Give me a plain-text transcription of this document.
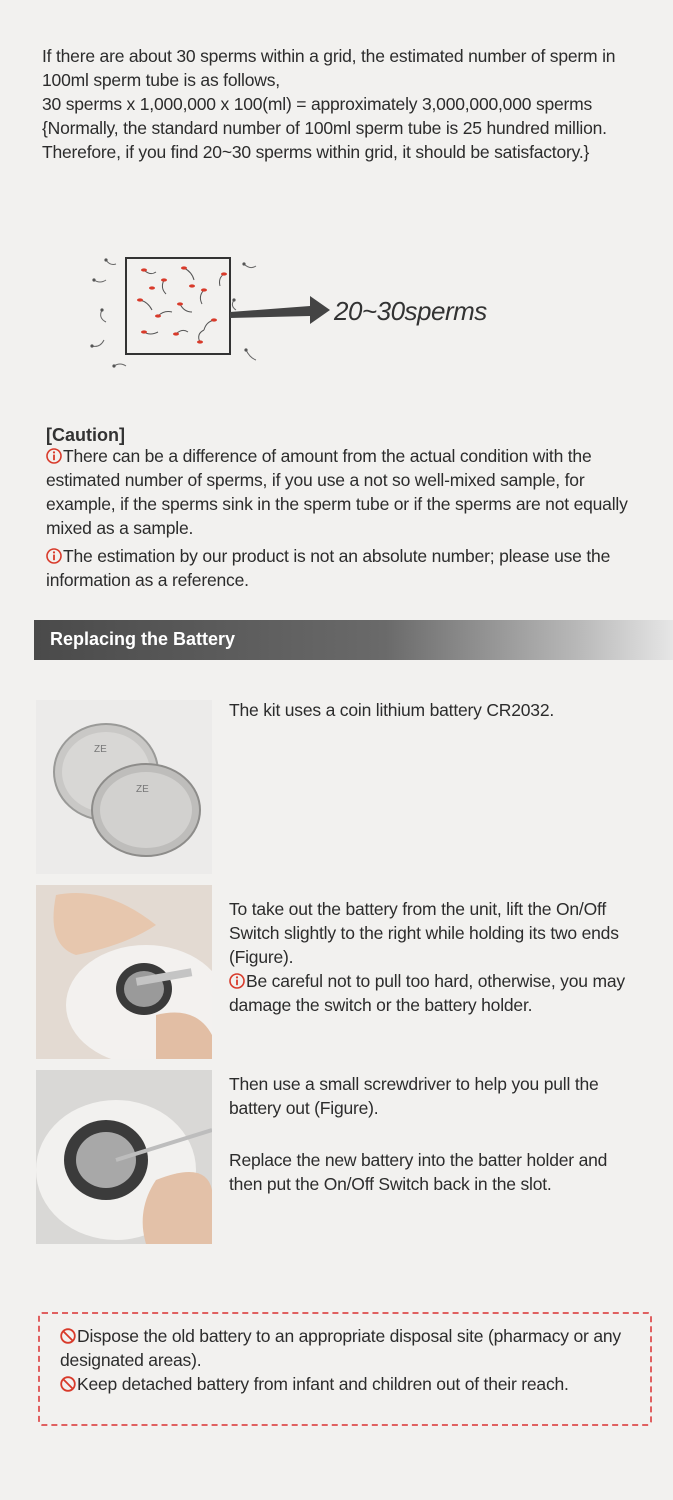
If there are about 30 sperms within a grid, the estimated number of sperm in 100ml sperm tube is as follows,

30 sperms x 1,000,000 x 100(ml) = approximately 3,000,000,000 sperms

{Normally, the standard number of 100ml sperm tube is 25 hundred million. Therefore, if you find 20~30 sperms within grid, it should be satisfactory.}

20~30sperms
[Caution]
There can be a difference of amount from the actual condition with the estimated number of sperms, if you use a not so well-mixed sample, for example, if the sperms sink in the sperm tube or if the sperms are not equally mixed as a sample.
The estimation by our product is not an absolute number; please use the information as a reference.
Replacing the Battery
ZE
ZE

The kit uses a coin lithium battery CR2032.

To take out the battery from the unit, lift the On/Off Switch slightly to the right while holding its two ends (Figure).

Be careful not to pull too hard, otherwise, you may damage the switch or the battery holder.

Then use a small screwdriver to help you pull the battery out (Figure).

Replace the new battery into the batter holder and then put the On/Off Switch back in the slot.

Dispose the old battery to an appropriate disposal site (pharmacy or any designated areas).

Keep detached battery from infant and children out of their reach.
